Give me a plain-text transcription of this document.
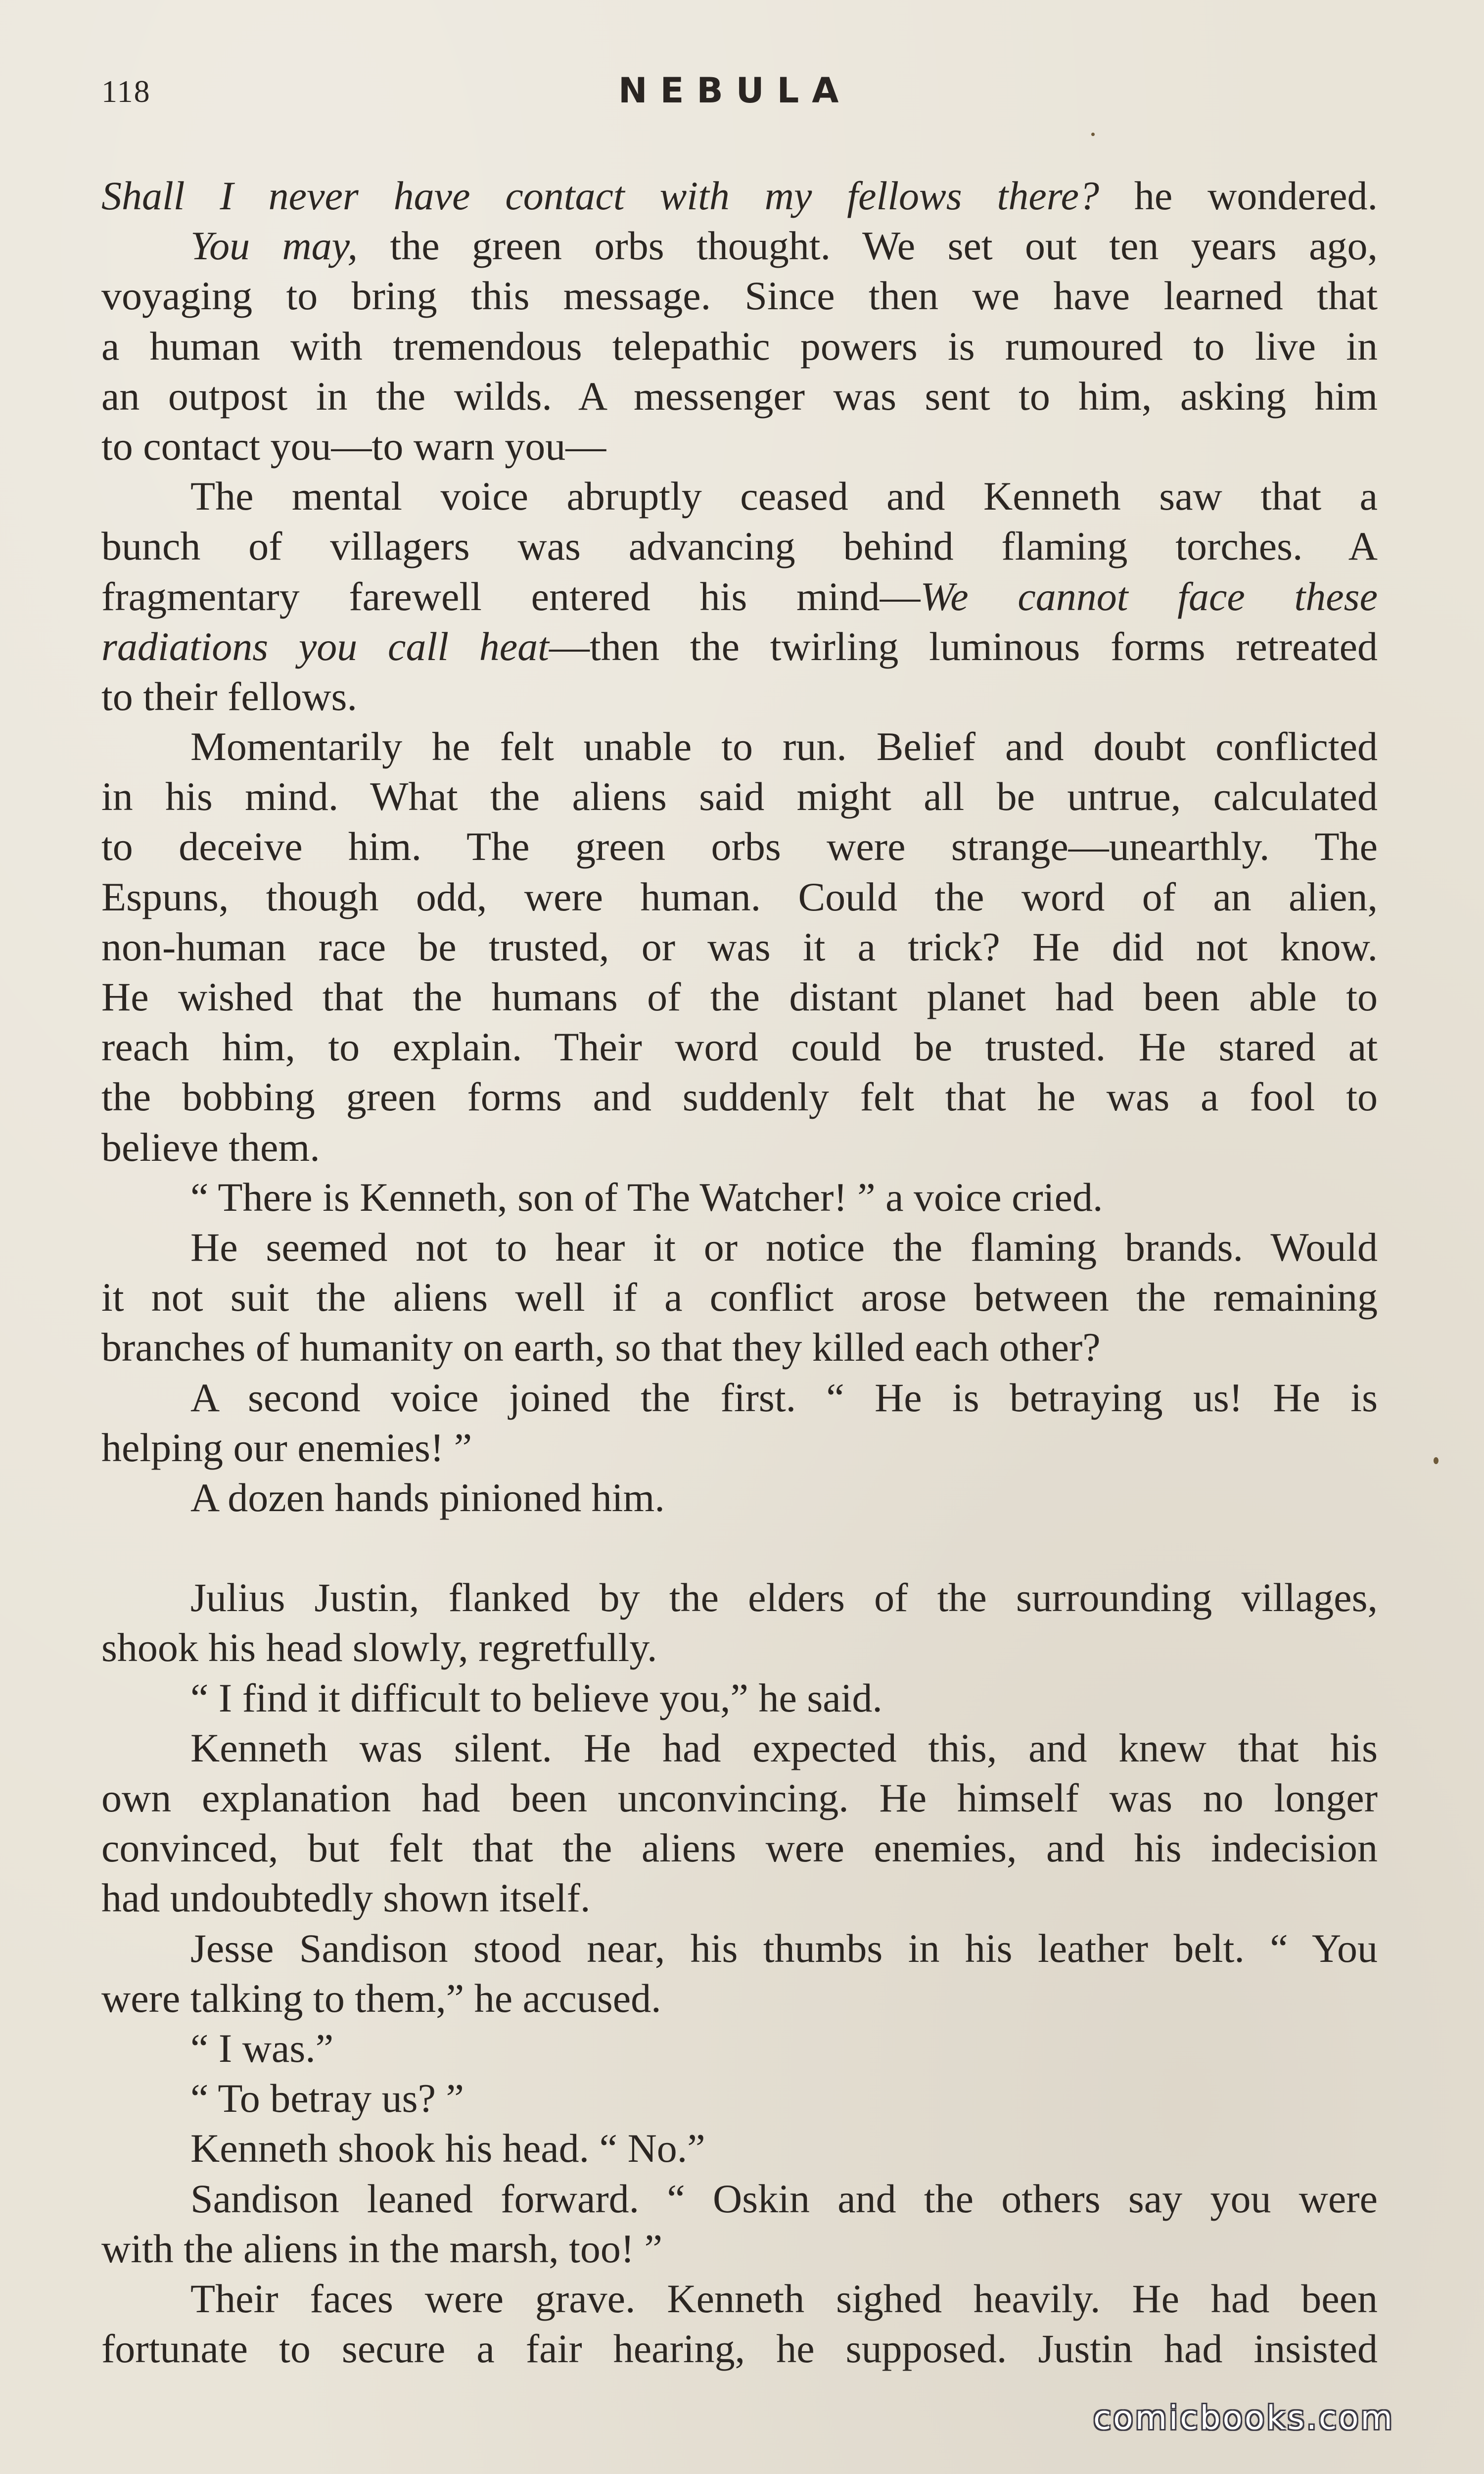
118	NEBULA
Shall I never have contact with my fellows there? he wondered.
You may, the green orbs thought. We set out ten years ago,
voyaging to bring this message. Since then we have learned that
a human with tremendous telepathic powers is rumoured to live in
an outpost in the wilds. A messenger was sent to him, asking him
to contact you—to warn you—
The mental voice abruptly ceased and Kenneth saw that a
bunch of villagers was advancing behind flaming torches. A
fragmentary farewell entered his mind—We cannot face these
radiations you call heat—then the twirling luminous forms retreated
to their fellows.
Momentarily he felt unable to run. Belief and doubt conflicted
in his mind. What the aliens said might all be untrue, calculated
to deceive him. The green orbs were strange—unearthly. The
Espuns, though odd, were human. Could the word of an alien,
non-human race be trusted, or was it a trick? He did not know.
He wished that the humans of the distant planet had been able to
reach him, to explain. Their word could be trusted. He stared at
the bobbing green forms and suddenly felt that he was a fool to
believe them.
“ There is Kenneth, son of The Watcher! ” a voice cried.
He seemed not to hear it or notice the flaming brands. Would
it not suit the aliens well if a conflict arose between the remaining
branches of humanity on earth, so that they killed each other?
A second voice joined the first. “ He is betraying us! He is
helping our enemies! ”
A dozen hands pinioned him.
Julius Justin, flanked by the elders of the surrounding villages,
shook his head slowly, regretfully.
“ I find it difficult to believe you,” he said.
Kenneth was silent. He had expected this, and knew that his
own explanation had been unconvincing. He himself was no longer
convinced, but felt that the aliens were enemies, and his indecision
had undoubtedly shown itself.
Jesse Sandison stood near, his thumbs in his leather belt. “ You
were talking to them,” he accused.
“ I was.”
“ To betray us? ”
Kenneth shook his head. “ No.”
Sandison leaned forward. “ Oskin and the others say you were
with the aliens in the marsh, too! ”
Their faces were grave. Kenneth sighed heavily. He had been
fortunate to secure a fair hearing, he supposed. Justin had insisted
comicbooks.com
